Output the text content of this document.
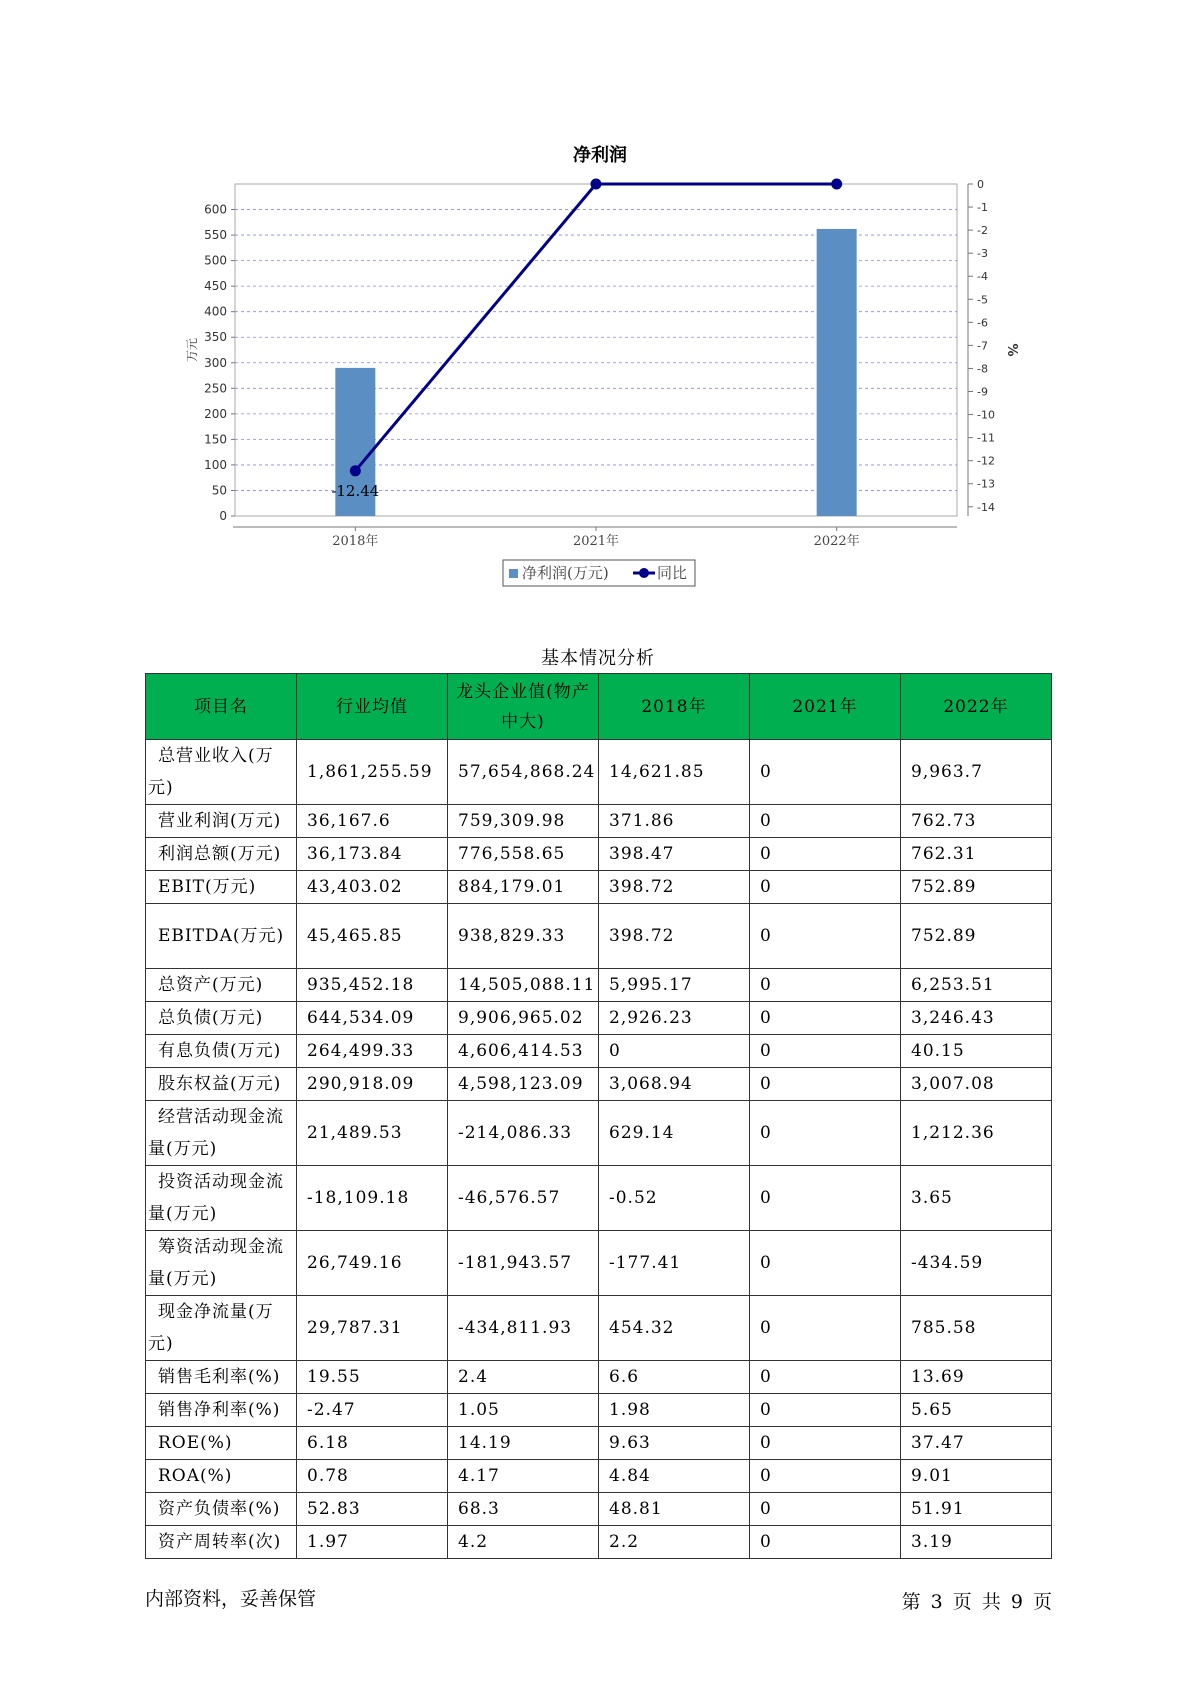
净利润
0
50
100
150
200
250
300
350
400
450
500
550
600
0
-1
-2
-3
-4
-5
-6
-7
-8
-9
-10
-11
-12
-13
-14
万元	%
2018年	2021年	2022年
-12.44
净利润(万元)	同比
基本情况分析
项目名	行业均值	龙头企业值(物产中大)	2018年	2021年	2022年
总营业收入(万元)	1,861,255.59	57,654,868.24	14,621.85	0	9,963.7
营业利润(万元)	36,167.6	759,309.98	371.86	0	762.73
利润总额(万元)	36,173.84	776,558.65	398.47	0	762.31
EBIT(万元)	43,403.02	884,179.01	398.72	0	752.89
EBITDA(万元)	45,465.85	938,829.33	398.72	0	752.89
总资产(万元)	935,452.18	14,505,088.11	5,995.17	0	6,253.51
总负债(万元)	644,534.09	9,906,965.02	2,926.23	0	3,246.43
有息负债(万元)	264,499.33	4,606,414.53	0	0	40.15
股东权益(万元)	290,918.09	4,598,123.09	3,068.94	0	3,007.08
经营活动现金流量(万元)	21,489.53	-214,086.33	629.14	0	1,212.36
投资活动现金流量(万元)	-18,109.18	-46,576.57	-0.52	0	3.65
筹资活动现金流量(万元)	26,749.16	-181,943.57	-177.41	0	-434.59
现金净流量(万元)	29,787.31	-434,811.93	454.32	0	785.58
销售毛利率(%)	19.55	2.4	6.6	0	13.69
销售净利率(%)	-2.47	1.05	1.98	0	5.65
ROE(%)	6.18	14.19	9.63	0	37.47
ROA(%)	0.78	4.17	4.84	0	9.01
资产负债率(%)	52.83	68.3	48.81	0	51.91
资产周转率(次)	1.97	4.2	2.2	0	3.19
内部资料，妥善保管	第 3 页 共 9 页
